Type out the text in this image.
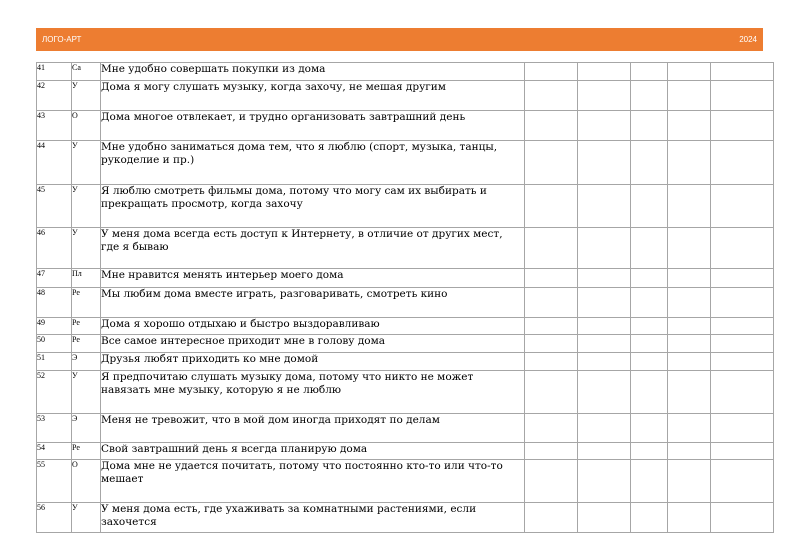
ЛОГО-АРТ	2024
41	Са	Мне удобно совершать покупки из дома					

42	У	Дома я могу слушать музыку, когда захочу, не мешая другим					

43	О	Дома многое отвлекает, и трудно организовать завтрашний день					

44	У	Мне удобно заниматься дома тем, что я люблю (спорт, музыка, танцы, рукоделие и пр.)					

45	У	Я люблю смотреть фильмы дома, потому что могу сам их выбирать и прекращать просмотр, когда захочу					

46	У	У меня дома всегда есть доступ к Интернету, в отличие от других мест, где я бываю					

47	Пл	Мне нравится менять интерьер моего дома					

48	Ре	Мы любим дома вместе играть, разговаривать, смотреть кино					

49	Ре	Дома я хорошо отдыхаю и быстро выздоравливаю					

50	Ре	Все самое интересное приходит мне в голову дома					

51	Э	Друзья любят приходить ко мне домой					

52	У	Я предпочитаю слушать музыку дома, потому что никто не может навязать мне музыку, которую я не люблю					

53	Э	Меня не тревожит, что в мой дом иногда приходят по делам					

54	Ре	Свой завтрашний день я всегда планирую дома					

55	О	Дома мне не удается почитать, потому что постоянно кто-то или что-то мешает					

56	У	У меня дома есть, где ухаживать за комнатными растениями, если захочется					
